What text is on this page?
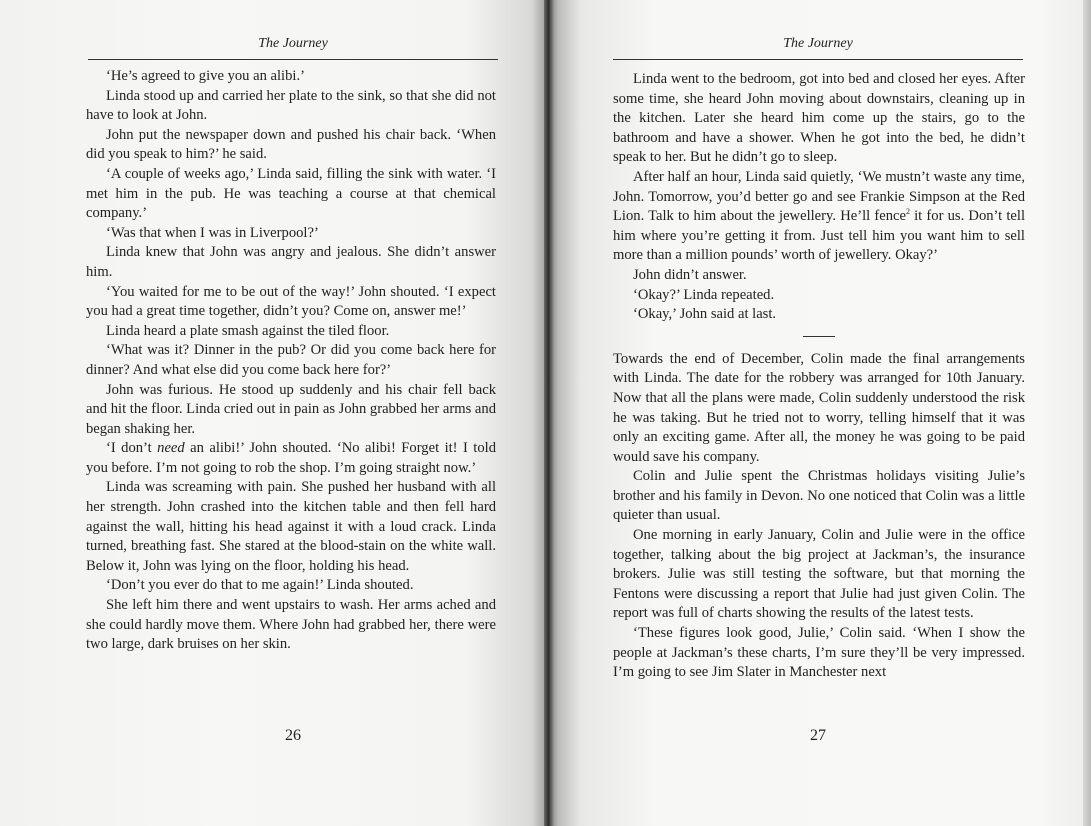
The Journey

‘He’s agreed to give you an alibi.’

Linda stood up and carried her plate to the sink, so that she did not have to look at John.

John put the newspaper down and pushed his chair back. ‘When did you speak to him?’ he said.

‘A couple of weeks ago,’ Linda said, filling the sink with water. ‘I met him in the pub. He was teaching a course at that chemical company.’

‘Was that when I was in Liverpool?’

Linda knew that John was angry and jealous. She didn’t answer him.

‘You waited for me to be out of the way!’ John shouted. ‘I expect you had a great time together, didn’t you? Come on, answer me!’

Linda heard a plate smash against the tiled floor.

‘What was it? Dinner in the pub? Or did you come back here for dinner? And what else did you come back here for?’

John was furious. He stood up suddenly and his chair fell back and hit the floor. Linda cried out in pain as John grabbed her arms and began shaking her.

‘I don’t need an alibi!’ John shouted. ‘No alibi! Forget it! I told you before. I’m not going to rob the shop. I’m going straight now.’

Linda was screaming with pain. She pushed her husband with all her strength. John crashed into the kitchen table and then fell hard against the wall, hitting his head against it with a loud crack. Linda turned, breathing fast. She stared at the blood-stain on the white wall. Below it, John was lying on the floor, holding his head.

‘Don’t you ever do that to me again!’ Linda shouted.

She left him there and went upstairs to wash. Her arms ached and she could hardly move them. Where John had grabbed her, there were two large, dark bruises on her skin.

26
The Journey

Linda went to the bedroom, got into bed and closed her eyes. After some time, she heard John moving about downstairs, cleaning up in the kitchen. Later she heard him come up the stairs, go to the bathroom and have a shower. When he got into the bed, he didn’t speak to her. But he didn’t go to sleep.

After half an hour, Linda said quietly, ‘We mustn’t waste any time, John. Tomorrow, you’d better go and see Frankie Simpson at the Red Lion. Talk to him about the jewellery. He’ll fence$^2$ it for us. Don’t tell him where you’re getting it from. Just tell him you want him to sell more than a million pounds’ worth of jewellery. Okay?’

John didn’t answer.

‘Okay?’ Linda repeated.

‘Okay,’ John said at last.

Towards the end of December, Colin made the final arrangements with Linda. The date for the robbery was arranged for 10th January. Now that all the plans were made, Colin suddenly understood the risk he was taking. But he tried not to worry, telling himself that it was only an exciting game. After all, the money he was going to be paid would save his company.

Colin and Julie spent the Christmas holidays visiting Julie’s brother and his family in Devon. No one noticed that Colin was a little quieter than usual.

One morning in early January, Colin and Julie were in the office together, talking about the big project at Jackman’s, the insurance brokers. Julie was still testing the software, but that morning the Fentons were discussing a report that Julie had just given Colin. The report was full of charts showing the results of the latest tests.

‘These figures look good, Julie,’ Colin said. ‘When I show the people at Jackman’s these charts, I’m sure they’ll be very impressed. I’m going to see Jim Slater in Manchester next

27
